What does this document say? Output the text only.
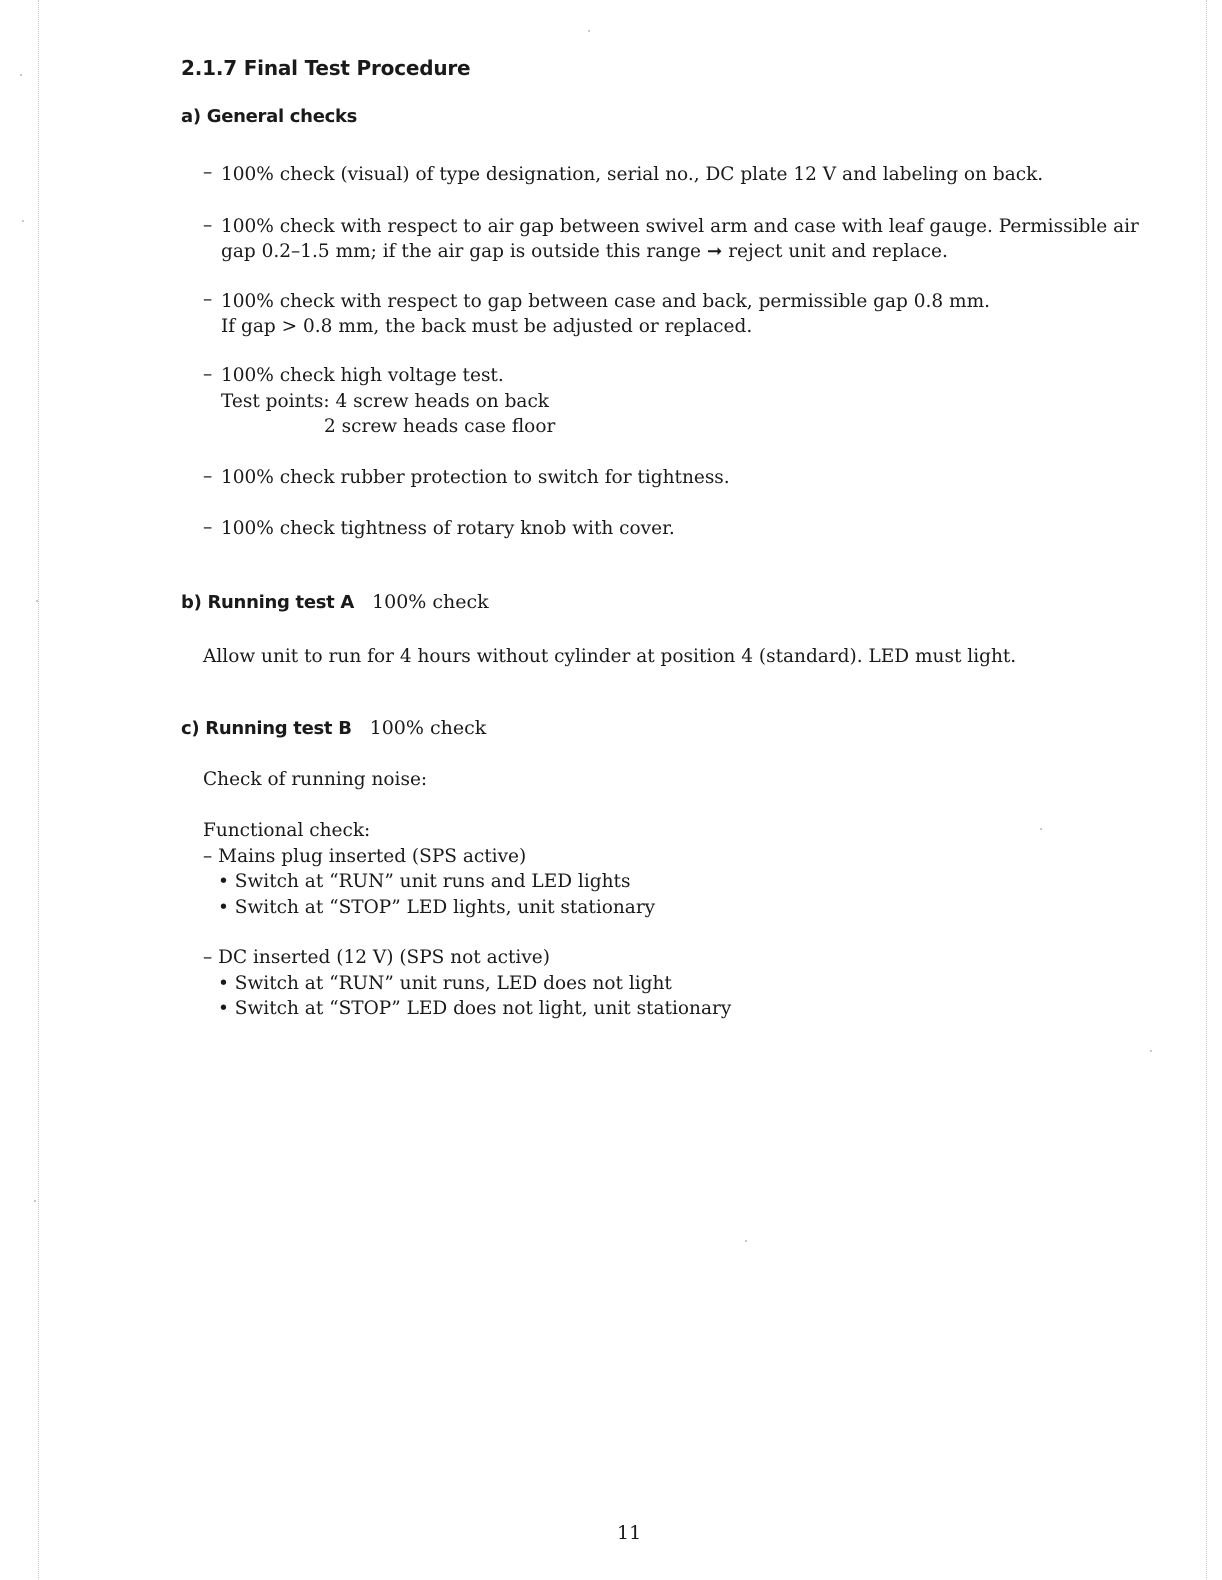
2.1.7 Final Test Procedure
a) General checks
– 100% check (visual) of type designation, serial no., DC plate 12 V and labeling on back.
– 100% check with respect to air gap between swivel arm and case with leaf gauge. Permissible air
gap 0.2–1.5 mm; if the air gap is outside this range ➞ reject unit and replace.
– 100% check with respect to gap between case and back, permissible gap 0.8 mm.
If gap > 0.8 mm, the back must be adjusted or replaced.
– 100% check high voltage test.
Test points: 4 screw heads on back
2 screw heads case floor
– 100% check rubber protection to switch for tightness.
– 100% check tightness of rotary knob with cover.
b) Running test A 100% check
Allow unit to run for 4 hours without cylinder at position 4 (standard). LED must light.
c) Running test B 100% check
Check of running noise:
Functional check:
– Mains plug inserted (SPS active)
• Switch at “RUN” unit runs and LED lights
• Switch at “STOP” LED lights, unit stationary
– DC inserted (12 V) (SPS not active)
• Switch at “RUN” unit runs, LED does not light
• Switch at “STOP” LED does not light, unit stationary
11
